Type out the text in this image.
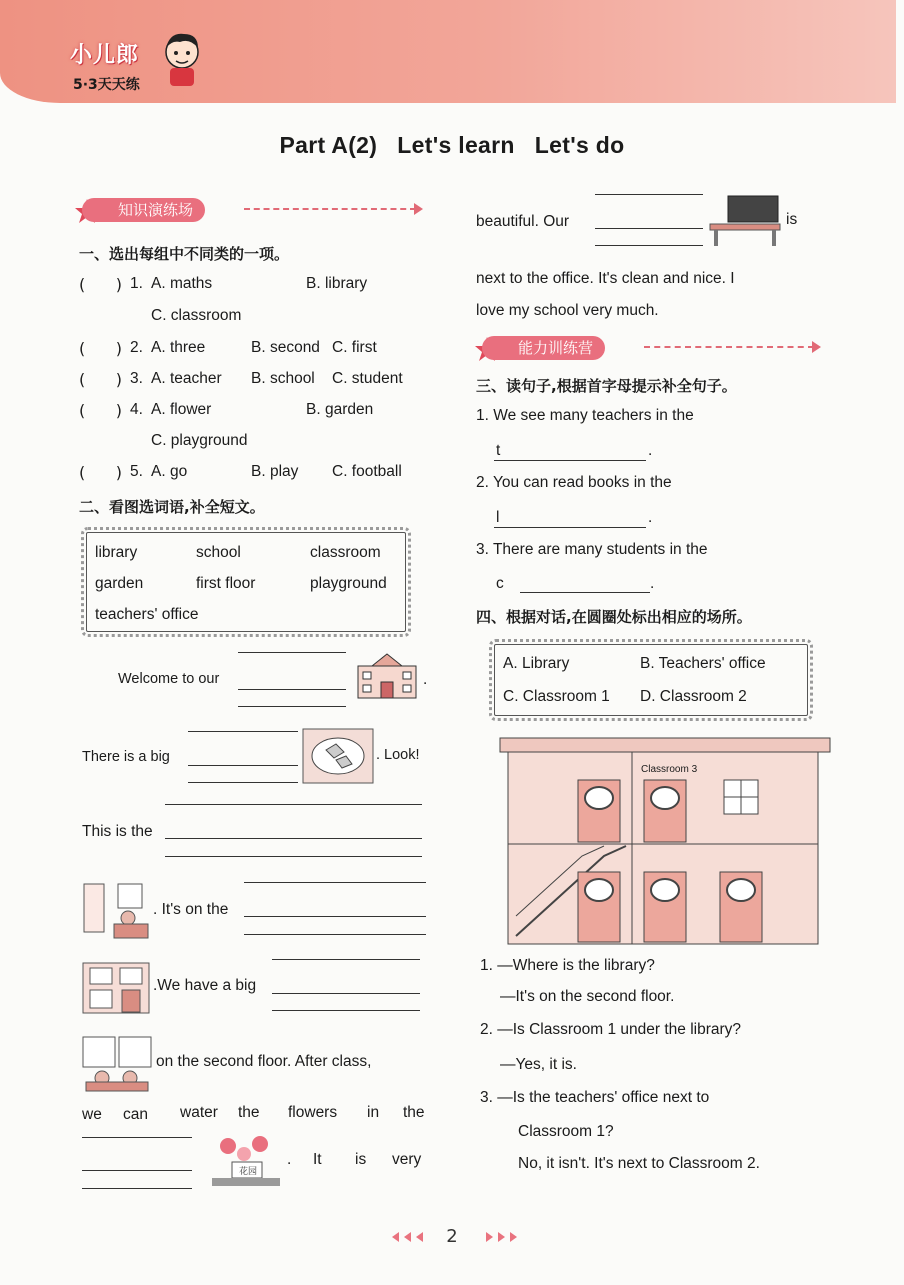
小儿郎
5·3天天练
Part A(2)   Let's learn   Let's do
知识演练场
一、选出每组中不同类的一项。
(      ) 1. A. maths	B. library
C. classroom
(      ) 2. A. three	B. second C. first
(      ) 3. A. teacher B. school C. student
(      ) 4. A. flower	B. garden
C. playground
(      ) 5. A. go	B. play C. football
二、看图选词语,补全短文。
library	school	classroom
garden	first floor	playground
teachers' office
Welcome to our	.
There is a big	. Look!
This is the
. It's on the
.We have a big
on the second floor. After class,
we can water the flowers in the
花园
. It is very
beautiful. Our	is
next to the office. It's clean and nice. I
love my school very much.
能力训练营
三、读句子,根据首字母提示补全句子。
1. We see many teachers in the
t	.
2. You can read books in the
l	.
3. There are many students in the
c	.
四、根据对话,在圆圈处标出相应的场所。
A. Library	B. Teachers' office
C. Classroom 1 D. Classroom 2
Classroom 3
1. —Where is the library?
—It's on the second floor.
2. —Is Classroom 1 under the library?
—Yes, it is.
3. —Is the teachers' office next to
Classroom 1?
No, it isn't. It's next to Classroom 2.
2
